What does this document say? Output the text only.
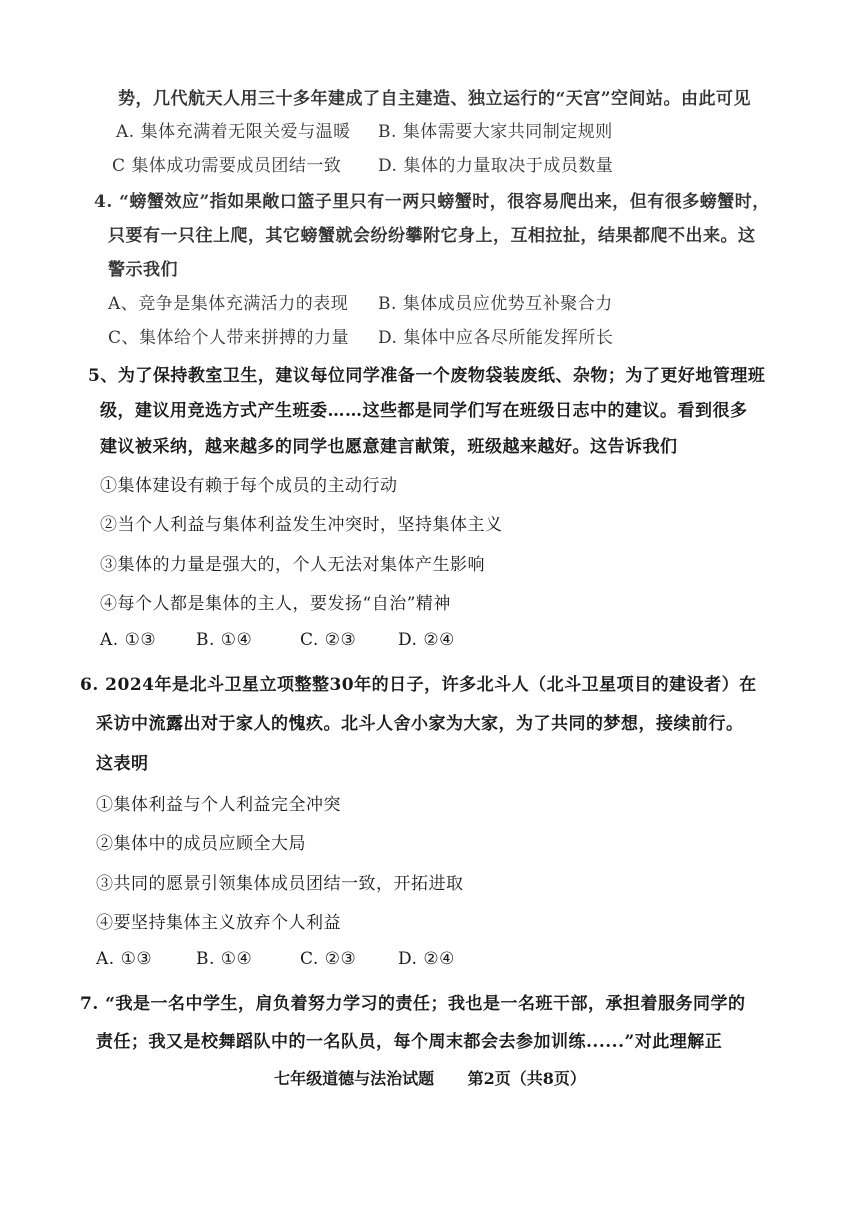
势，几代航天人用三十多年建成了自主建造、独立运行的“天宫”空间站。由此可见
A. 集体充满着无限关爱与温暖 B. 集体需要大家共同制定规则
C 集体成功需要成员团结一致 D. 集体的力量取决于成员数量
4. “螃蟹效应”指如果敞口篮子里只有一两只螃蟹时，很容易爬出来，但有很多螃蟹时，
只要有一只往上爬，其它螃蟹就会纷纷攀附它身上，互相拉扯，结果都爬不出来。这
警示我们
A、竞争是集体充满活力的表现 B. 集体成员应优势互补聚合力
C、集体给个人带来拼搏的力量 D. 集体中应各尽所能发挥所长
5、为了保持教室卫生，建议每位同学准备一个废物袋装废纸、杂物；为了更好地管理班
级，建议用竞选方式产生班委……这些都是同学们写在班级日志中的建议。看到很多
建议被采纳，越来越多的同学也愿意建言献策，班级越来越好。这告诉我们
①集体建设有赖于每个成员的主动行动
②当个人利益与集体利益发生冲突时，坚持集体主义
③集体的力量是强大的，个人无法对集体产生影响
④每个人都是集体的主人，要发扬“自治”精神
A. ①③ B. ①④	C. ②③ D. ②④
6. 2024年是北斗卫星立项整整30年的日子，许多北斗人（北斗卫星项目的建设者）在
采访中流露出对于家人的愧疚。北斗人舍小家为大家，为了共同的梦想，接续前行。
这表明
①集体利益与个人利益完全冲突
②集体中的成员应顾全大局
③共同的愿景引领集体成员团结一致，开拓进取
④要坚持集体主义放弃个人利益
A. ①③	B. ①④	C. ②③ D. ②④
7. “我是一名中学生，肩负着努力学习的责任；我也是一名班干部，承担着服务同学的
责任；我又是校舞蹈队中的一名队员，每个周末都会去参加训练......”对此理解正
七年级道德与法治试题 第2页（共8页）
